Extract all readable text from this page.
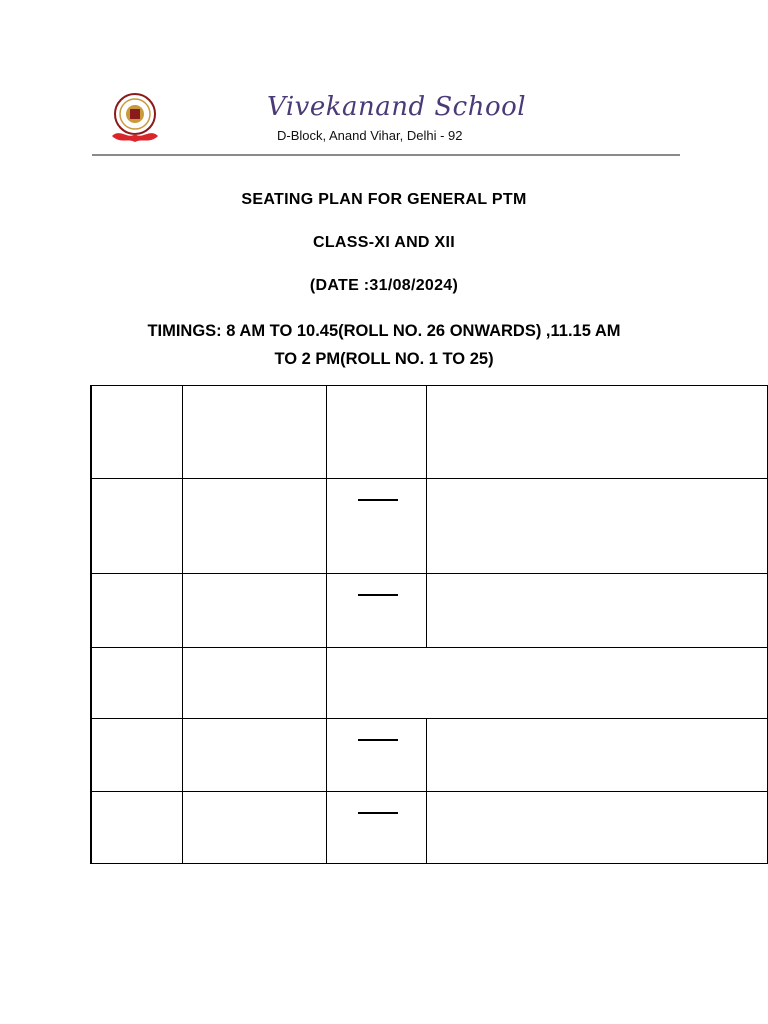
Vivekanand School
D-Block, Anand Vihar, Delhi - 92
SEATING PLAN FOR GENERAL PTM
CLASS-XI AND XII
(DATE :31/08/2024)
TIMINGS: 8 AM TO 10.45(ROLL NO. 26 ONWARDS) ,11.15 AM
TO 2 PM(ROLL NO. 1 TO 25)
